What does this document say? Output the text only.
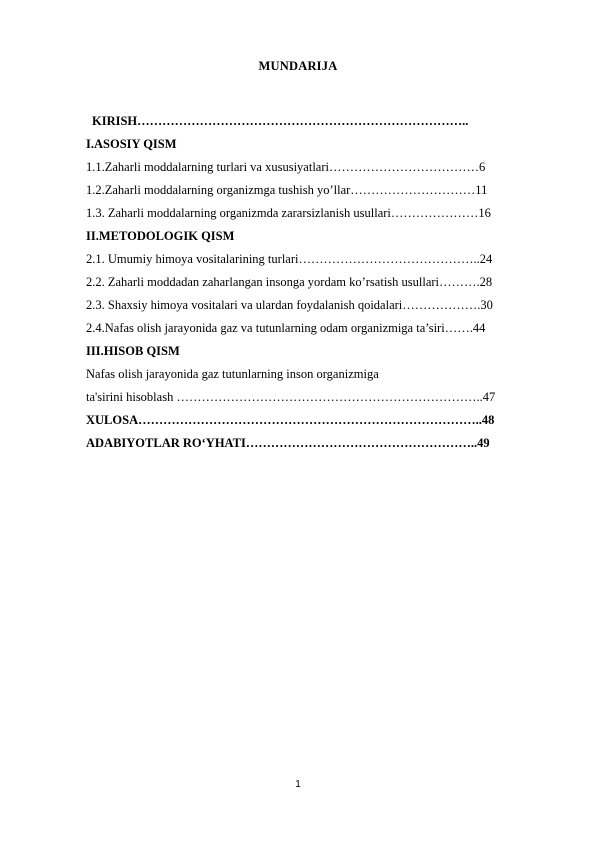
MUNDARIJA
KIRISH……………………………………………………………………..
I.ASOSIY QISM
1.1.Zaharli moddalarning turlari va xususiyatlari………………………………6
1.2.Zaharli moddalarning organizmga tushish yo’llar…………………………11
1.3. Zaharli moddalarning organizmda zararsizlanish usullari…………………16
II.METODOLOGIK QISM
2.1. Umumiy himoya vositalarining turlari……………………………………..24
2.2. Zaharli moddadan zaharlangan insonga yordam ko’rsatish usullari……….28
2.3. Shaxsiy himoya vositalari va ulardan foydalanish qoidalari……………….30
2.4.Nafas olish jarayonida gaz va tutunlarning odam organizmiga ta’siri…….44
III.HISOB QISM
Nafas olish jarayonida gaz tutunlarning inson organizmiga
ta'sirini hisoblash ………………………………………………………………..47
XULOSA………………………………………………………………………..48
ADABIYOTLAR RO‘YHATI………………………………………………..49
1
